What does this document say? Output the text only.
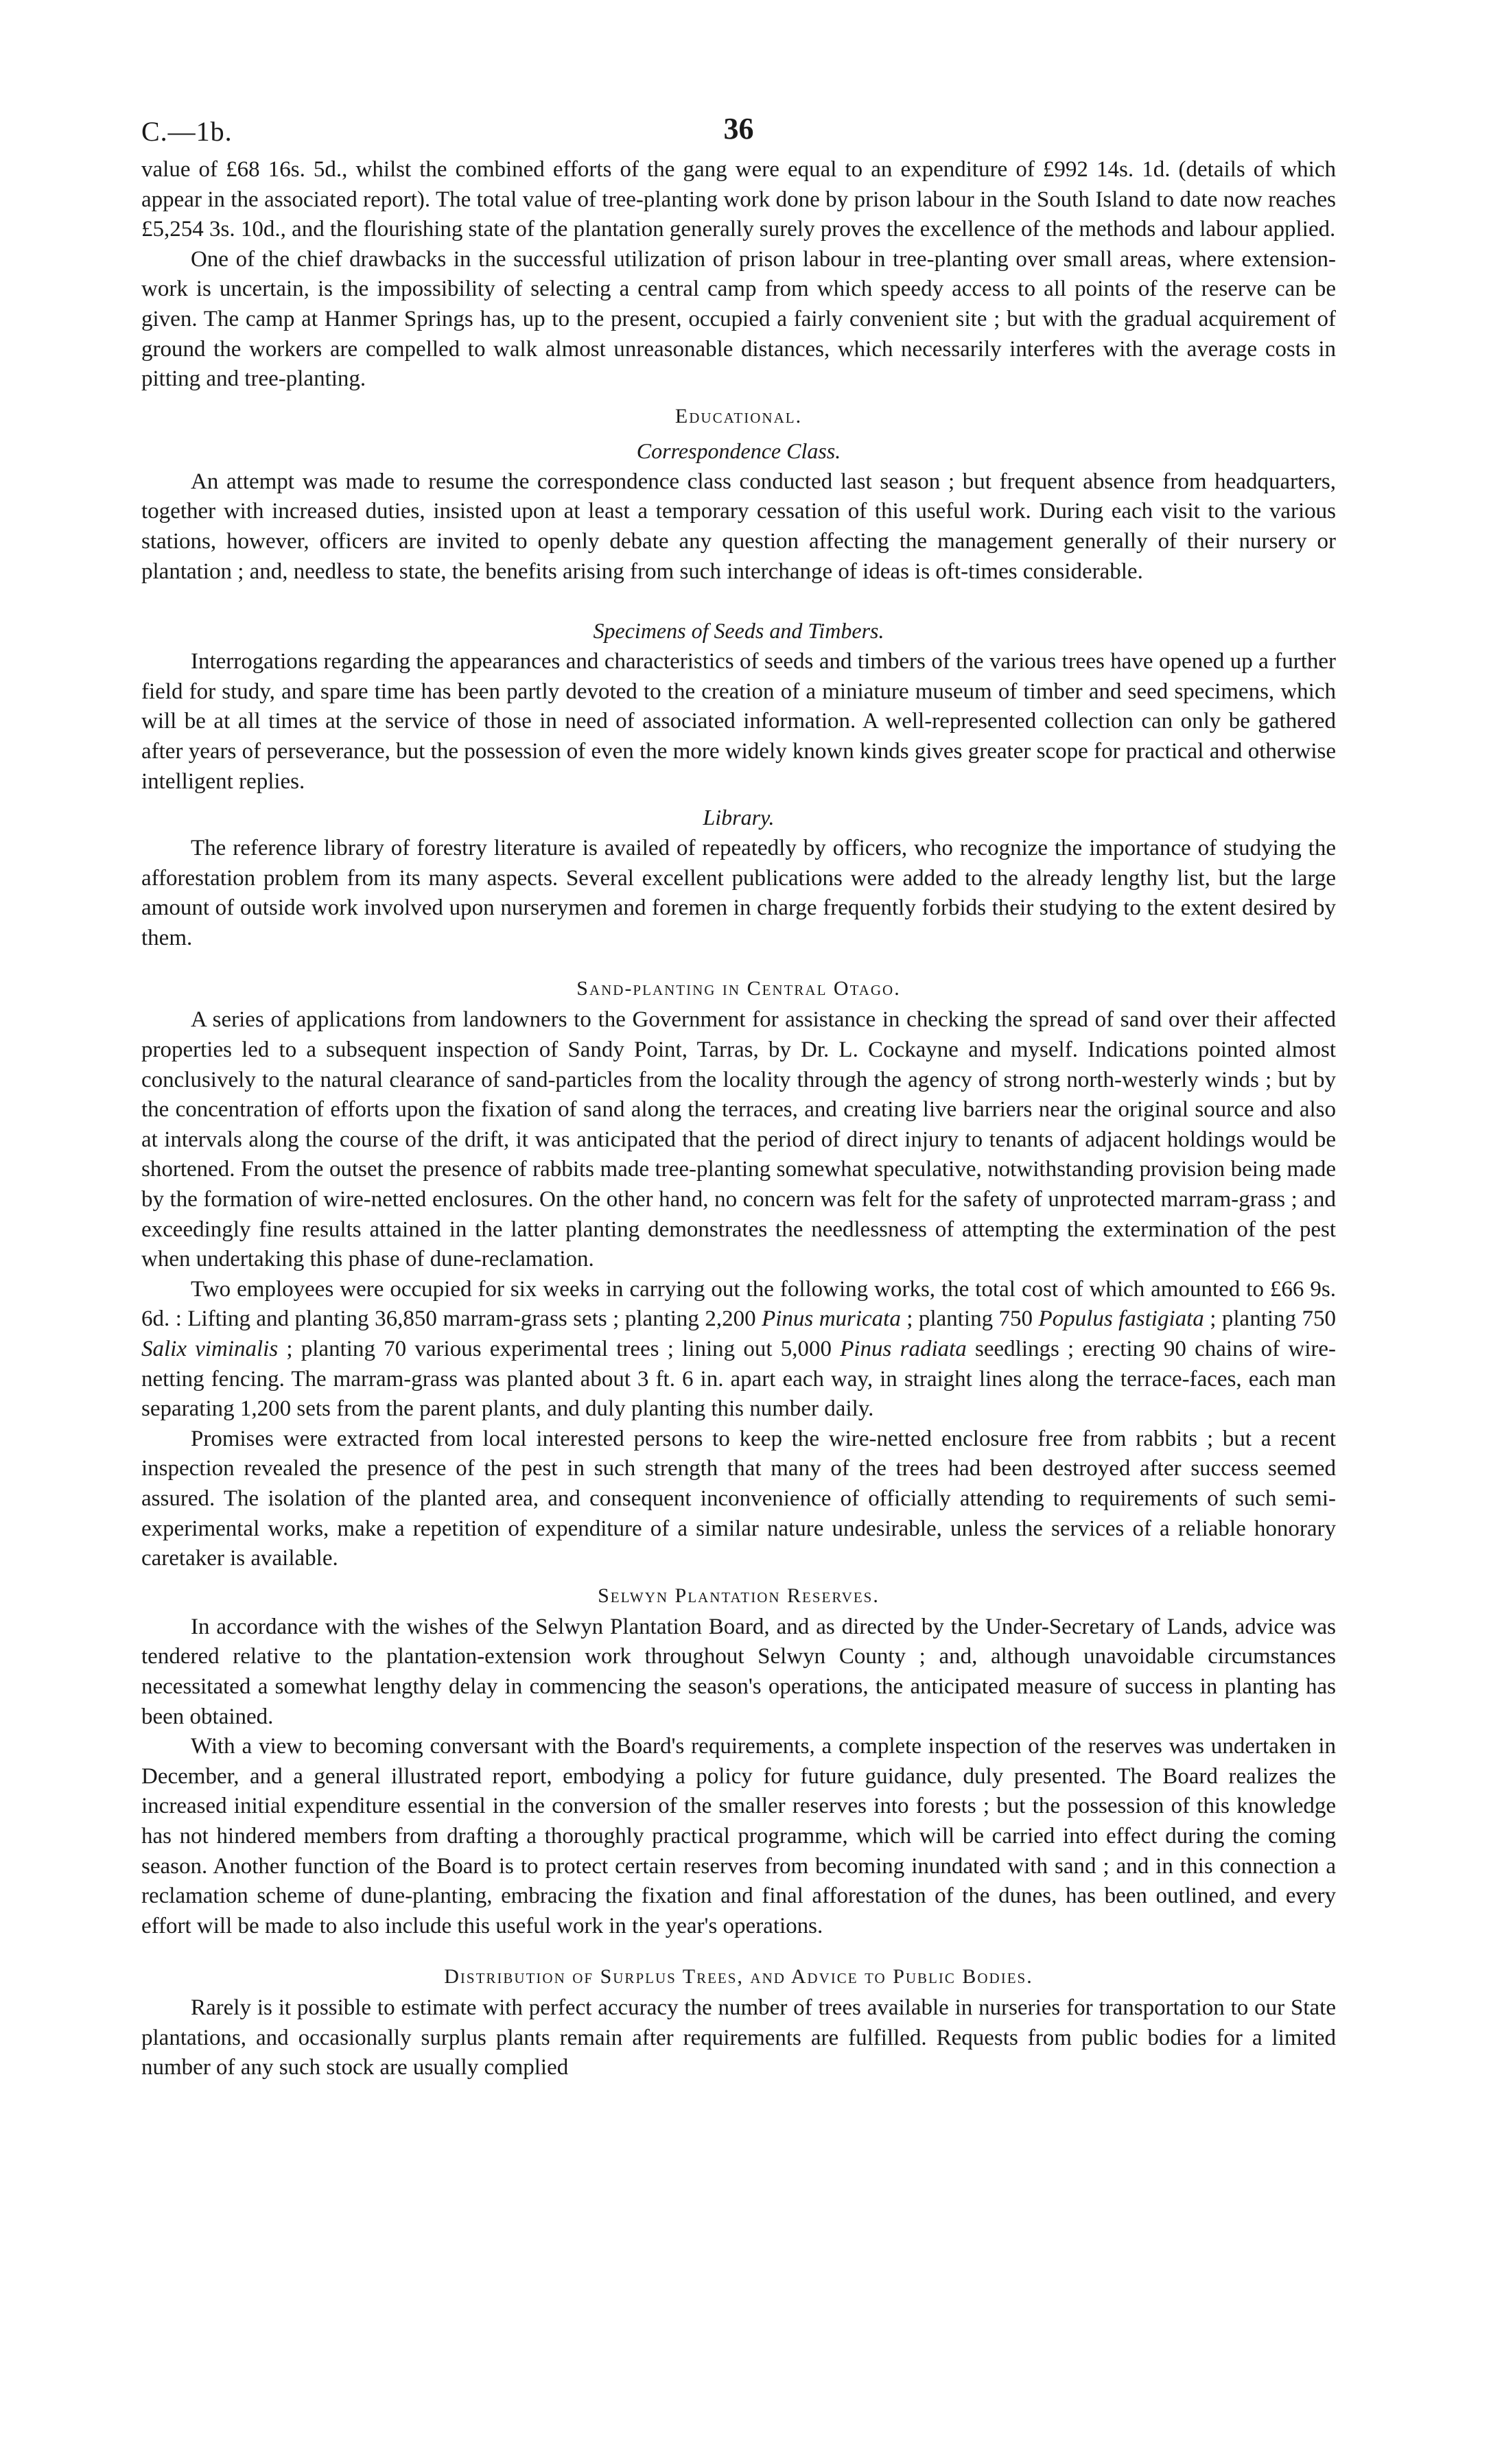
C.—1b.	36

value of £68 16s. 5d., whilst the combined efforts of the gang were equal to an expenditure of £992 14s. 1d. (details of which appear in the associated report). The total value of tree-planting work done by prison labour in the South Island to date now reaches £5,254 3s. 10d., and the flourishing state of the plantation generally surely proves the excellence of the methods and labour applied.

One of the chief drawbacks in the successful utilization of prison labour in tree-planting over small areas, where extension-work is uncertain, is the impossibility of selecting a central camp from which speedy access to all points of the reserve can be given. The camp at Hanmer Springs has, up to the present, occupied a fairly convenient site ; but with the gradual acquirement of ground the workers are compelled to walk almost unreasonable distances, which necessarily interferes with the average costs in pitting and tree-planting.

Educational.
Correspondence Class.

An attempt was made to resume the correspondence class conducted last season ; but frequent absence from headquarters, together with increased duties, insisted upon at least a temporary cessation of this useful work. During each visit to the various stations, however, officers are invited to openly debate any question affecting the management generally of their nursery or plantation ; and, needless to state, the benefits arising from such interchange of ideas is oft-times considerable.

Specimens of Seeds and Timbers.

Interrogations regarding the appearances and characteristics of seeds and timbers of the various trees have opened up a further field for study, and spare time has been partly devoted to the creation of a miniature museum of timber and seed specimens, which will be at all times at the service of those in need of associated information. A well-represented collection can only be gathered after years of perseverance, but the possession of even the more widely known kinds gives greater scope for practical and otherwise intelligent replies.

Library.

The reference library of forestry literature is availed of repeatedly by officers, who recognize the importance of studying the afforestation problem from its many aspects. Several excellent publications were added to the already lengthy list, but the large amount of outside work involved upon nurserymen and foremen in charge frequently forbids their studying to the extent desired by them.

Sand-planting in Central Otago.

A series of applications from landowners to the Government for assistance in checking the spread of sand over their affected properties led to a subsequent inspection of Sandy Point, Tarras, by Dr. L. Cockayne and myself. Indications pointed almost conclusively to the natural clearance of sand-particles from the locality through the agency of strong north-westerly winds ; but by the concentration of efforts upon the fixation of sand along the terraces, and creating live barriers near the original source and also at intervals along the course of the drift, it was anticipated that the period of direct injury to tenants of adjacent holdings would be shortened. From the outset the presence of rabbits made tree-planting somewhat speculative, notwithstanding provision being made by the formation of wire-netted enclosures. On the other hand, no concern was felt for the safety of unprotected marram-grass ; and exceedingly fine results attained in the latter planting demonstrates the needlessness of attempting the extermination of the pest when undertaking this phase of dune-reclamation.

Two employees were occupied for six weeks in carrying out the following works, the total cost of which amounted to £66 9s. 6d. : Lifting and planting 36,850 marram-grass sets ; planting 2,200 Pinus muricata ; planting 750 Populus fastigiata ; planting 750 Salix viminalis ; planting 70 various experimental trees ; lining out 5,000 Pinus radiata seedlings ; erecting 90 chains of wire-netting fencing. The marram-grass was planted about 3 ft. 6 in. apart each way, in straight lines along the terrace-faces, each man separating 1,200 sets from the parent plants, and duly planting this number daily.

Promises were extracted from local interested persons to keep the wire-netted enclosure free from rabbits ; but a recent inspection revealed the presence of the pest in such strength that many of the trees had been destroyed after success seemed assured. The isolation of the planted area, and consequent inconvenience of officially attending to requirements of such semi-experimental works, make a repetition of expenditure of a similar nature undesirable, unless the services of a reliable honorary caretaker is available.

Selwyn Plantation Reserves.

In accordance with the wishes of the Selwyn Plantation Board, and as directed by the Under-Secretary of Lands, advice was tendered relative to the plantation-extension work throughout Selwyn County ; and, although unavoidable circumstances necessitated a somewhat lengthy delay in commencing the season's operations, the anticipated measure of success in planting has been obtained.

With a view to becoming conversant with the Board's requirements, a complete inspection of the reserves was undertaken in December, and a general illustrated report, embodying a policy for future guidance, duly presented. The Board realizes the increased initial expenditure essential in the conversion of the smaller reserves into forests ; but the possession of this knowledge has not hindered members from drafting a thoroughly practical programme, which will be carried into effect during the coming season. Another function of the Board is to protect certain reserves from becoming inundated with sand ; and in this connection a reclamation scheme of dune-planting, embracing the fixation and final afforestation of the dunes, has been outlined, and every effort will be made to also include this useful work in the year's operations.

Distribution of Surplus Trees, and Advice to Public Bodies.

Rarely is it possible to estimate with perfect accuracy the number of trees available in nurseries for transportation to our State plantations, and occasionally surplus plants remain after requirements are fulfilled. Requests from public bodies for a limited number of any such stock are usually complied
